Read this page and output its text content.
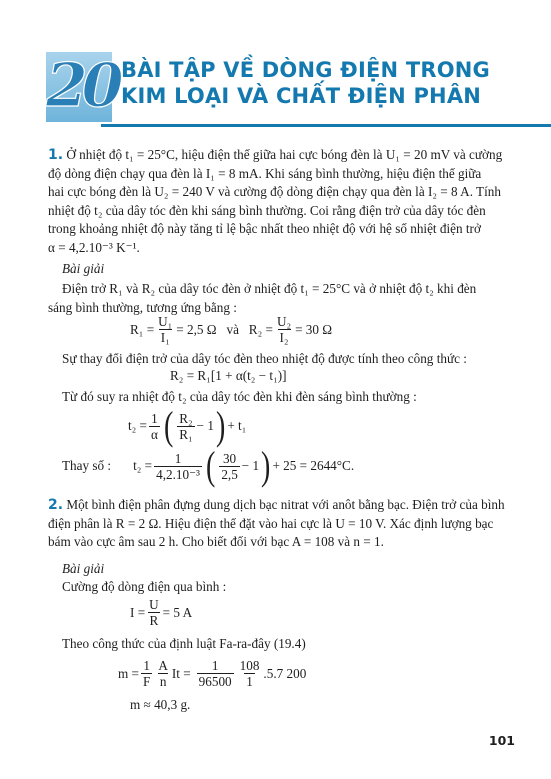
20 BÀI TẬP VỀ DÒNG ĐIỆN TRONG
KIM LOẠI VÀ CHẤT ĐIỆN PHÂN
1. Ở nhiệt độ t₁ = 25°C, hiệu điện thế giữa hai cực bóng đèn là U₁ = 20 mV và cường
độ dòng điện chạy qua đèn là I₁ = 8 mA. Khi sáng bình thường, hiệu điện thế giữa
hai cực bóng đèn là U₂ = 240 V và cường độ dòng điện chạy qua đèn là I₂ = 8 A. Tính
nhiệt độ t₂ của dây tóc đèn khi sáng bình thường. Coi rằng điện trở của dây tóc đèn
trong khoảng nhiệt độ này tăng tỉ lệ bậc nhất theo nhiệt độ với hệ số nhiệt điện trở
α = 4,2.10⁻³ K⁻¹.
Bài giải
Điện trở R₁ và R₂ của dây tóc đèn ở nhiệt độ t₁ = 25°C và ở nhiệt độ t₂ khi đèn
sáng bình thường, tương ứng bằng :
$R_1 = \frac{\text{U₁}}{\text{I₁}} = 2,5$ Ω   và   $R_2 = \frac{\text{U₂}}{\text{I₂}} = 30$ Ω
Sự thay đổi điện trở của dây tóc đèn theo nhiệt độ được tính theo công thức :
R₂ = R₁[1 + α(t₂ − t₁)]
Từ đó suy ra nhiệt độ t₂ của dây tóc đèn khi đèn sáng bình thường :
$t_2 = \frac{1}{\alpha}$ ( $\frac{\text{R₂}}{\text{R₁}} - 1$ ) + t₁
Thay số : $t_2 = \frac{1}{\text{4,2.10⁻³}}$ ( $\frac{30}{2,5} - 1$ ) + 25 = 2644°C.
2. Một bình điện phân đựng dung dịch bạc nitrat với anôt bằng bạc. Điện trở của bình
điện phân là R = 2 Ω. Hiệu điện thế đặt vào hai cực là U = 10 V. Xác định lượng bạc
bám vào cực âm sau 2 h. Cho biết đối với bạc A = 108 và n = 1.
Bài giải
Cường độ dòng điện qua bình :
$I = \frac{U}{R} = 5$ A
Theo công thức của định luật Fa-ra-đây (19.4)
$m = \frac{1}{F} \frac{A}{n}$ $It = \frac{1}{96500} \frac{108}{1} .5.7$ 200
m ≈ 40,3 g.
101
